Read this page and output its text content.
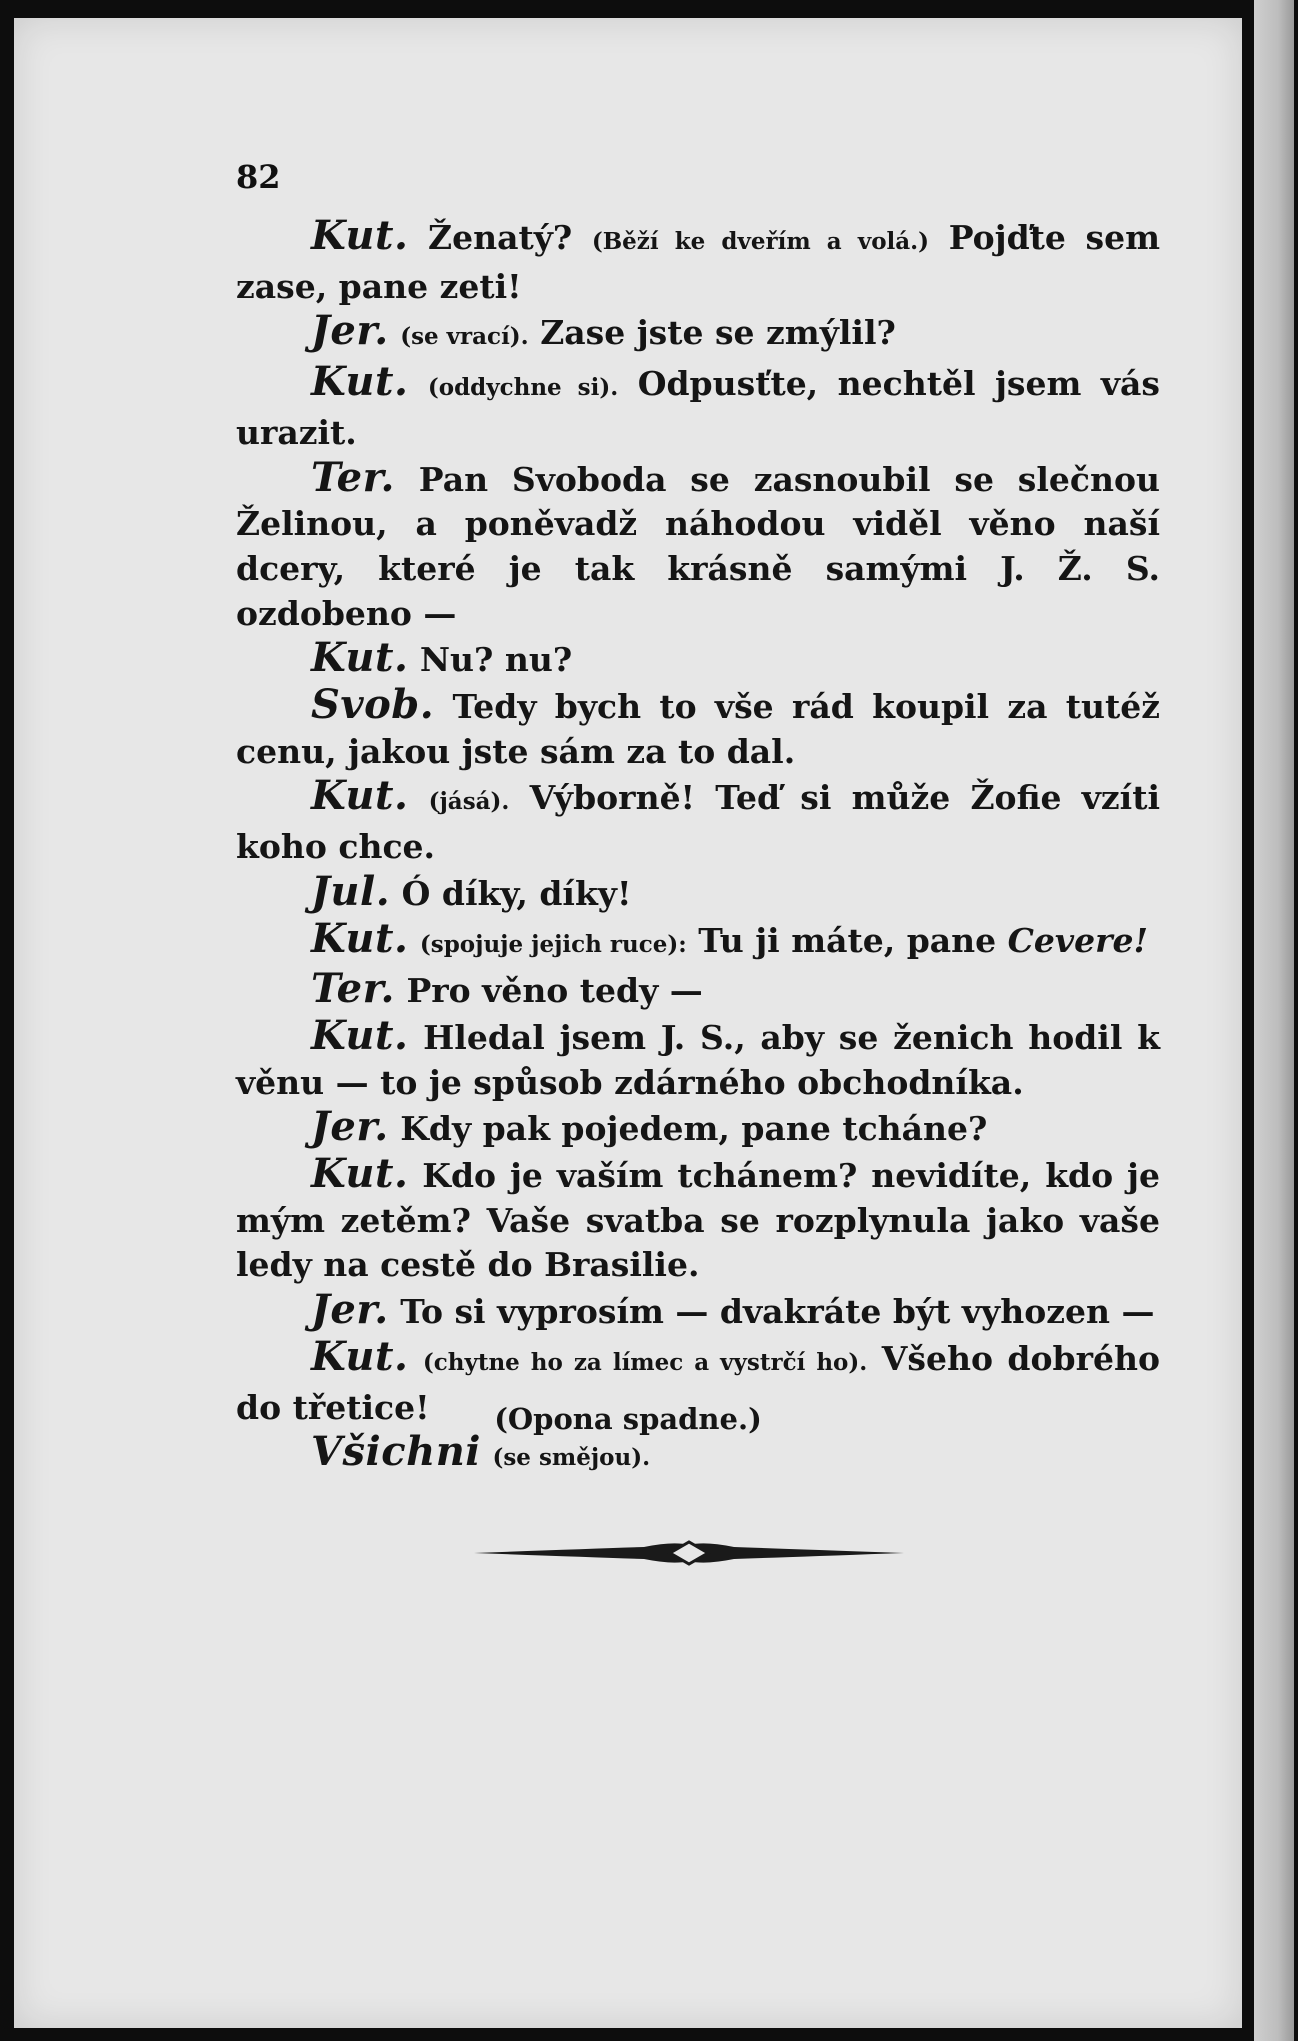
82

Kut. Ženatý? (Běží ke dveřím a volá.) Pojďte sem zase, pane zeti!

Jer. (se vrací). Zase jste se zmýlil?

Kut. (oddychne si). Odpusťte, nechtěl jsem vás urazit.

Ter. Pan Svoboda se zasnoubil se slečnou Želinou, a poněvadž náhodou viděl věno naší dcery, které je tak krásně samými J. Ž. S. ozdobeno —

Kut. Nu? nu?

Svob. Tedy bych to vše rád koupil za tutéž cenu, jakou jste sám za to dal.

Kut. (jásá). Výborně! Teď si může Žofie vzíti koho chce.

Jul. Ó díky, díky!

Kut. (spojuje jejich ruce): Tu ji máte, pane Cevere!

Ter. Pro věno tedy —

Kut. Hledal jsem J. S., aby se ženich hodil k věnu — to je spůsob zdárného obchodníka.

Jer. Kdy pak pojedem, pane tcháne?

Kut. Kdo je vaším tchánem? nevidíte, kdo je mým zetěm? Vaše svatba se rozplynula jako vaše ledy na cestě do Brasilie.

Jer. To si vyprosím — dvakráte být vyhozen —

Kut. (chytne ho za límec a vystrčí ho). Všeho dobrého do třetice!

Všichni (se smějou).

(Opona spadne.)
